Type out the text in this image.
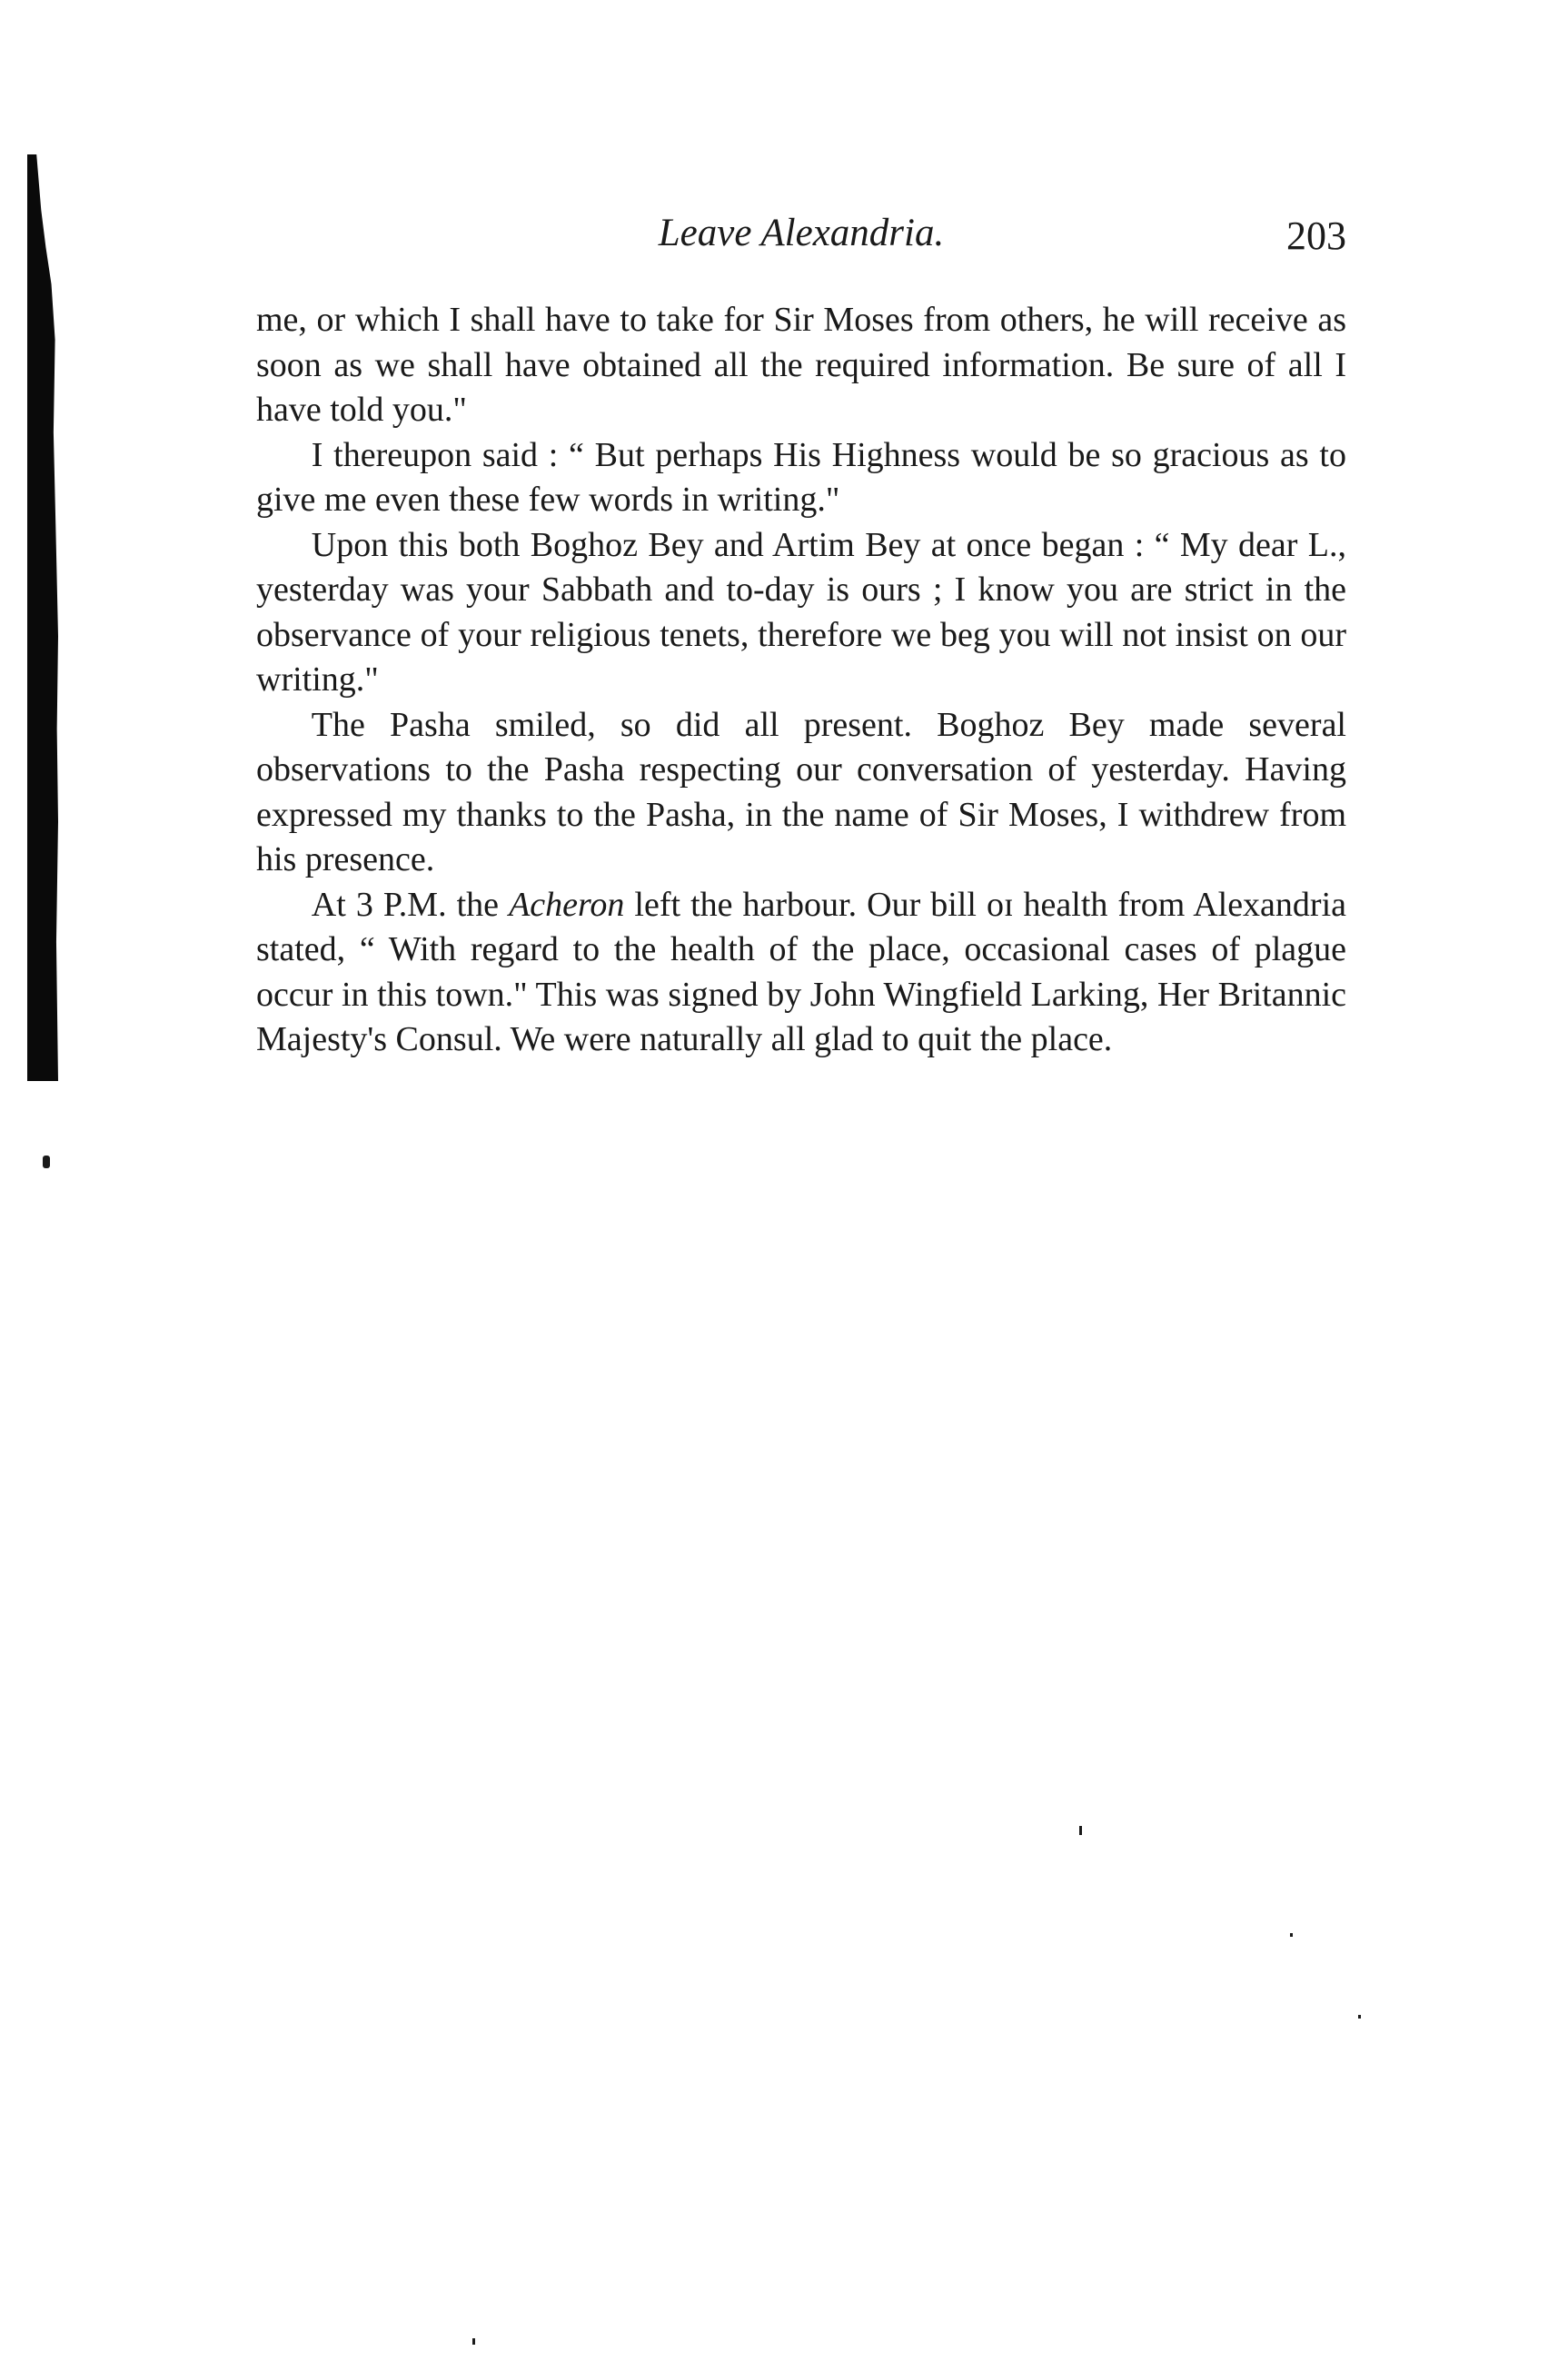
Leave Alexandria.	203

me, or which I shall have to take for Sir Moses from others, he will receive as soon as we shall have obtained all the required information. Be sure of all I have told you."

I thereupon said : “ But perhaps His Highness would be so gracious as to give me even these few words in writing."

Upon this both Boghoz Bey and Artim Bey at once began : “ My dear L., yesterday was your Sabbath and to-day is ours ; I know you are strict in the observance of your religious tenets, therefore we beg you will not insist on our writing."

The Pasha smiled, so did all present. Boghoz Bey made several observations to the Pasha respecting our conversation of yesterday. Having expressed my thanks to the Pasha, in the name of Sir Moses, I withdrew from his presence.

At 3 P.M. the Acheron left the harbour. Our bill oɪ health from Alexandria stated, “ With regard to the health of the place, occasional cases of plague occur in this town." This was signed by John Wingfield Larking, Her Britannic Majesty's Consul. We were naturally all glad to quit the place.
